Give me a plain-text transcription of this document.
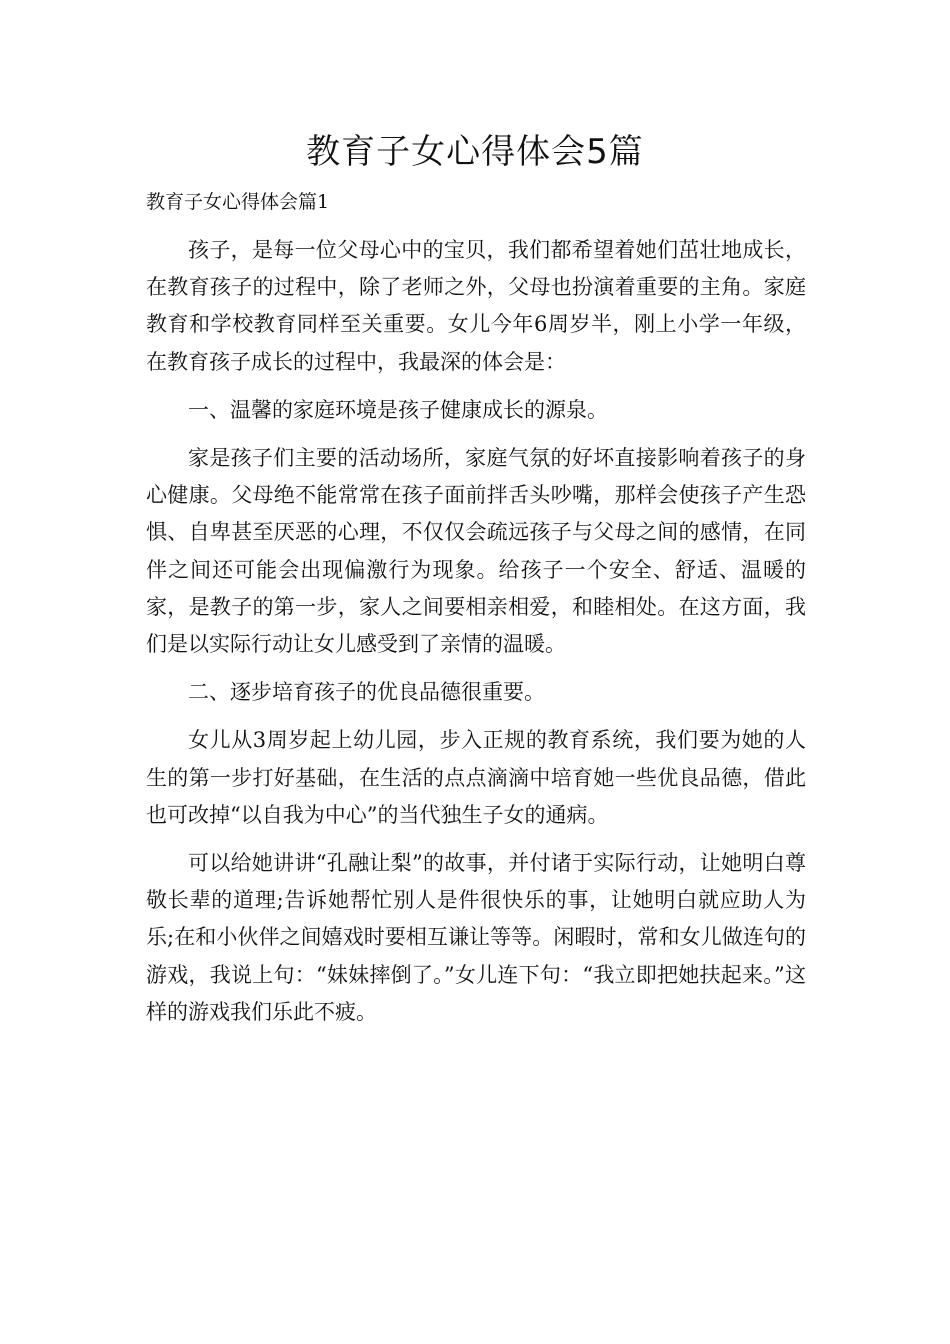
教育子女心得体会5篇
教育子女心得体会篇1

孩子，是每一位父母心中的宝贝，我们都希望着她们茁壮地成长，在教育孩子的过程中，除了老师之外，父母也扮演着重要的主角。家庭教育和学校教育同样至关重要。女儿今年6周岁半，刚上小学一年级，在教育孩子成长的过程中，我最深的体会是：

一、温馨的家庭环境是孩子健康成长的源泉。

家是孩子们主要的活动场所，家庭气氛的好坏直接影响着孩子的身心健康。父母绝不能常常在孩子面前拌舌头吵嘴，那样会使孩子产生恐惧、自卑甚至厌恶的心理，不仅仅会疏远孩子与父母之间的感情，在同伴之间还可能会出现偏激行为现象。给孩子一个安全、舒适、温暖的家，是教子的第一步，家人之间要相亲相爱，和睦相处。在这方面，我们是以实际行动让女儿感受到了亲情的温暖。

二、逐步培育孩子的优良品德很重要。

女儿从3周岁起上幼儿园，步入正规的教育系统，我们要为她的人生的第一步打好基础，在生活的点点滴滴中培育她一些优良品德，借此也可改掉“以自我为中心”的当代独生子女的通病。

可以给她讲讲“孔融让梨”的故事，并付诸于实际行动，让她明白尊敬长辈的道理;告诉她帮忙别人是件很快乐的事，让她明白就应助人为乐;在和小伙伴之间嬉戏时要相互谦让等等。闲暇时，常和女儿做连句的游戏，我说上句：“妹妹摔倒了。”女儿连下句：“我立即把她扶起来。”这样的游戏我们乐此不疲。
